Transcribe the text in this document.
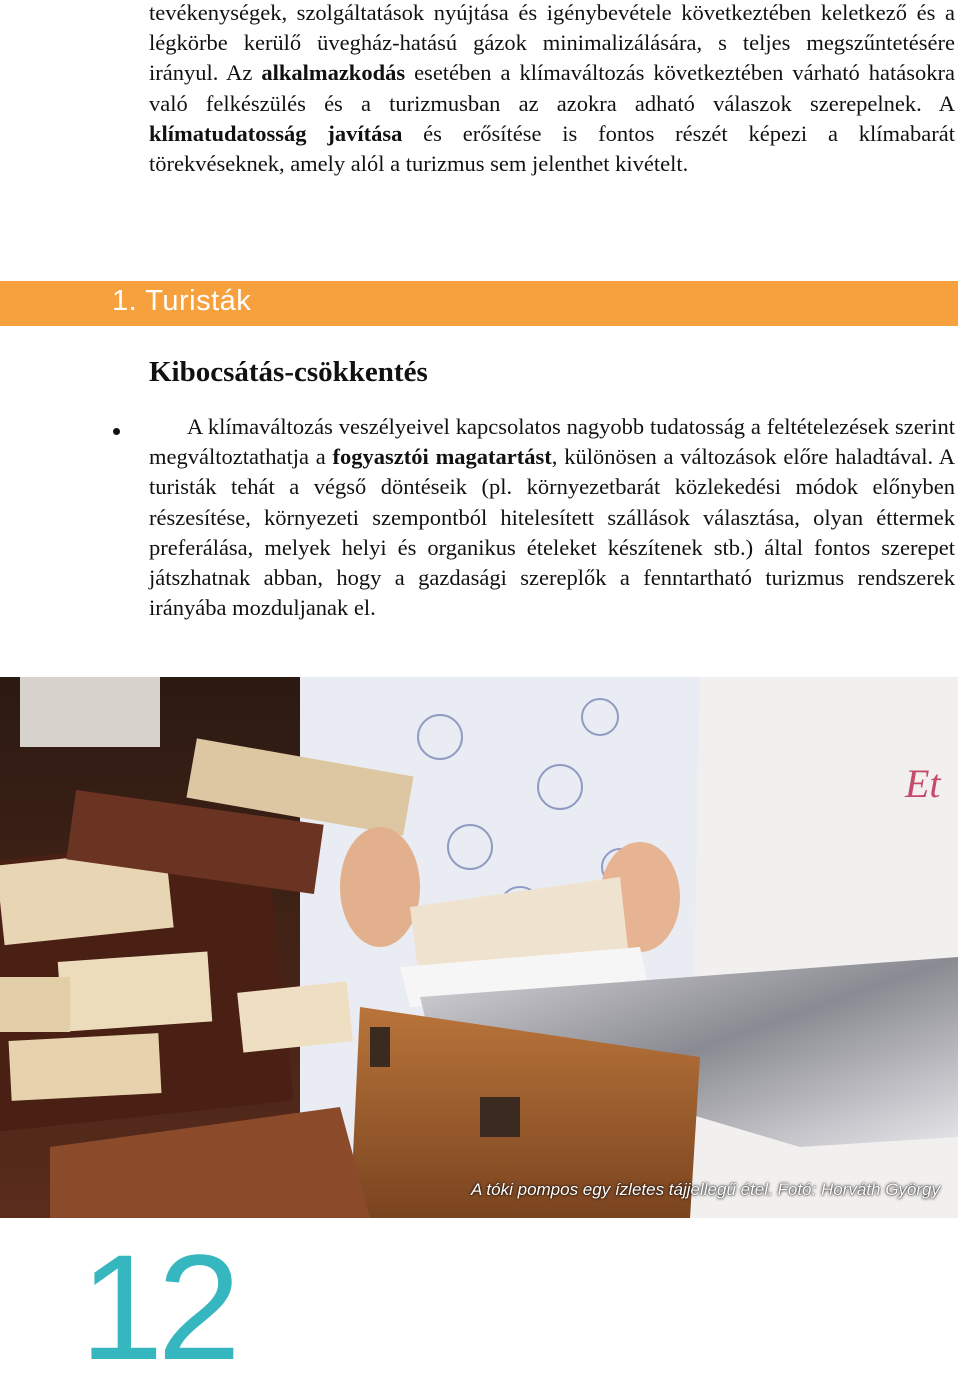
tevékenységek, szolgáltatások nyújtása és igénybevétele következtében keletkező és a légkörbe kerülő üvegház-hatású gázok minimalizálására, s teljes megszűntetésére irányul. Az alkalmazkodás esetében a klímaváltozás következtében várható hatásokra való felkészülés és a turizmusban az azokra adható válaszok szerepelnek. A klímatudatosság javítása és erősítése is fontos részét képezi a klímabarát törekvéseknek, amely alól a turizmus sem jelenthet kivételt.

1. Turisták
Kibocsátás-csökkentés

A klímaváltozás veszélyeivel kapcsolatos nagyobb tudatosság a feltételezések szerint megváltoztathatja a fogyasztói magatartást, különösen a változások előre haladtával. A turisták tehát a végső döntéseik (pl. környezetbarát közlekedési módok előnyben részesítése, környezeti szempontból hitelesített szállások választása, olyan éttermek preferálása, melyek helyi és organikus ételeket készítenek stb.) által fontos szerepet játszhatnak abban, hogy a gazdasági szereplők a fenntartható turizmus rendszerek irányába mozduljanak el.

Et

A tóki pompos egy ízletes tájjellegű étel. Fotó: Horváth György

12
